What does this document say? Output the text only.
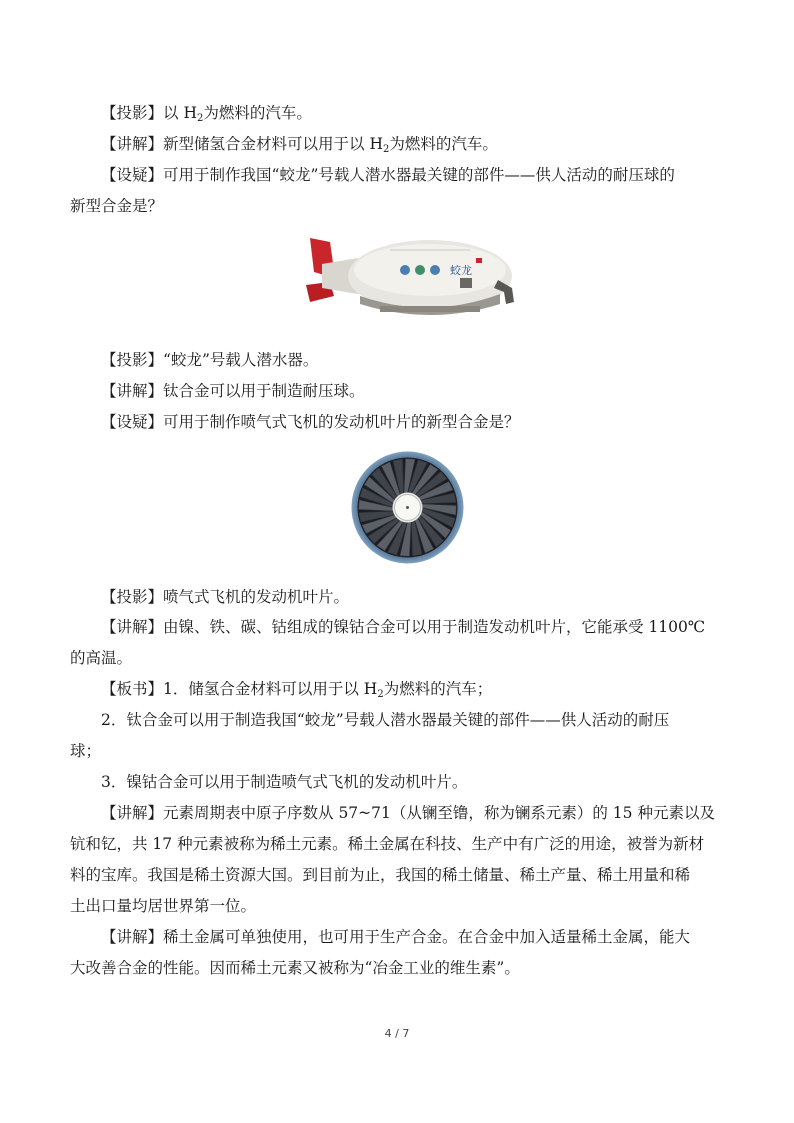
【投影】以 $H_2$为燃料的汽车。

【讲解】新型储氢合金材料可以用于以 $H_2$为燃料的汽车。

【设疑】可用于制作我国“蛟龙”号载人潜水器最关键的部件——供人活动的耐压球的

新型合金是？

蛟龙

【投影】“蛟龙”号载人潜水器。

【讲解】钛合金可以用于制造耐压球。

【设疑】可用于制作喷气式飞机的发动机叶片的新型合金是？

【投影】喷气式飞机的发动机叶片。

【讲解】由镍、铁、碳、钴组成的镍钴合金可以用于制造发动机叶片，它能承受 1100℃

的高温。

【板书】1．储氢合金材料可以用于以 $H_2$为燃料的汽车；

2．钛合金可以用于制造我国“蛟龙”号载人潜水器最关键的部件——供人活动的耐压

球；

3．镍钴合金可以用于制造喷气式飞机的发动机叶片。

【讲解】元素周期表中原子序数从 57~71（从镧至镥，称为镧系元素）的 15 种元素以及

钪和钇，共 17 种元素被称为稀土元素。稀土金属在科技、生产中有广泛的用途，被誉为新材

料的宝库。我国是稀土资源大国。到目前为止，我国的稀土储量、稀土产量、稀土用量和稀

土出口量均居世界第一位。

【讲解】稀土金属可单独使用，也可用于生产合金。在合金中加入适量稀土金属，能大

大改善合金的性能。因而稀土元素又被称为“冶金工业的维生素”。

4 / 7
